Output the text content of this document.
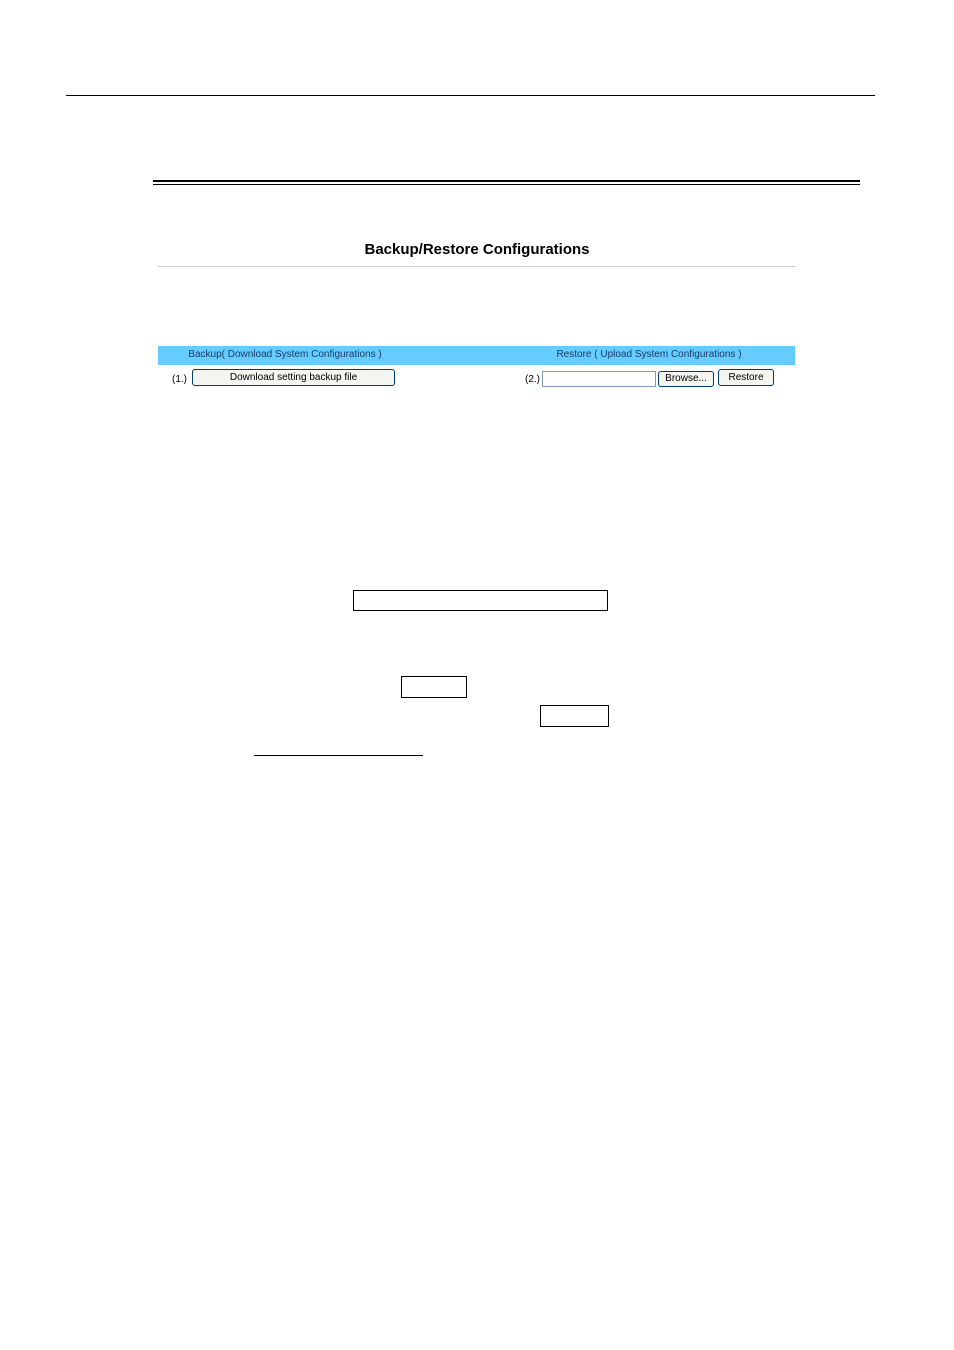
Backup/Restore Configurations
Backup( Download System Configurations )	Restore ( Upload System Configurations )
(1.)	Download setting backup file	(2.)	Browse...	Restore
